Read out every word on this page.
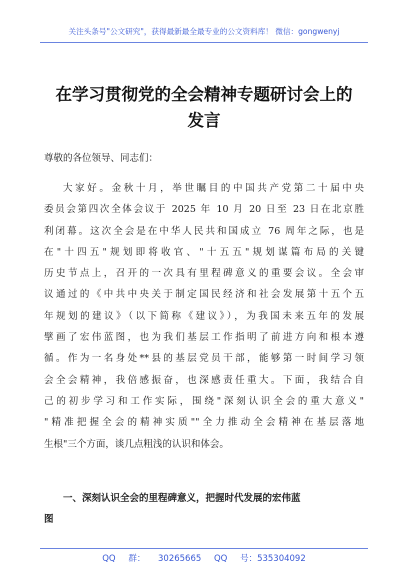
关注头条号"公文研究"，获得最新最全最专业的公文资料库！ 微信：gongwenyj
在学习贯彻党的全会精神专题研讨会上的
发言
尊敬的各位领导、同志们：
大家好。金秋十月，举世瞩目的中国共产党第二十届中央
委员会第四次全体会议于 2025 年 10 月 20 日至 23 日在北京胜
利闭幕。这次全会是在中华人民共和国成立 76 周年之际，也是
在"十四五"规划即将收官、"十五五"规划谋篇布局的关键
历史节点上，召开的一次具有里程碑意义的重要会议。全会审
议通过的《中共中央关于制定国民经济和社会发展第十五个五
年规划的建议》（以下简称《建议》），为我国未来五年的发展
擘画了宏伟蓝图，也为我们基层工作指明了前进方向和根本遵
循。作为一名身处**县的基层党员干部，能够第一时间学习领
会全会精神，我倍感振奋，也深感责任重大。下面，我结合自
己的初步学习和工作实际，围绕"深刻认识全会的重大意义"
"精准把握全会的精神实质""全力推动全会精神在基层落地
生根"三个方面，谈几点粗浅的认识和体会。
一、深刻认识全会的里程碑意义，把握时代发展的宏伟蓝
图
QQ 群： 30265665 QQ 号：535304092
